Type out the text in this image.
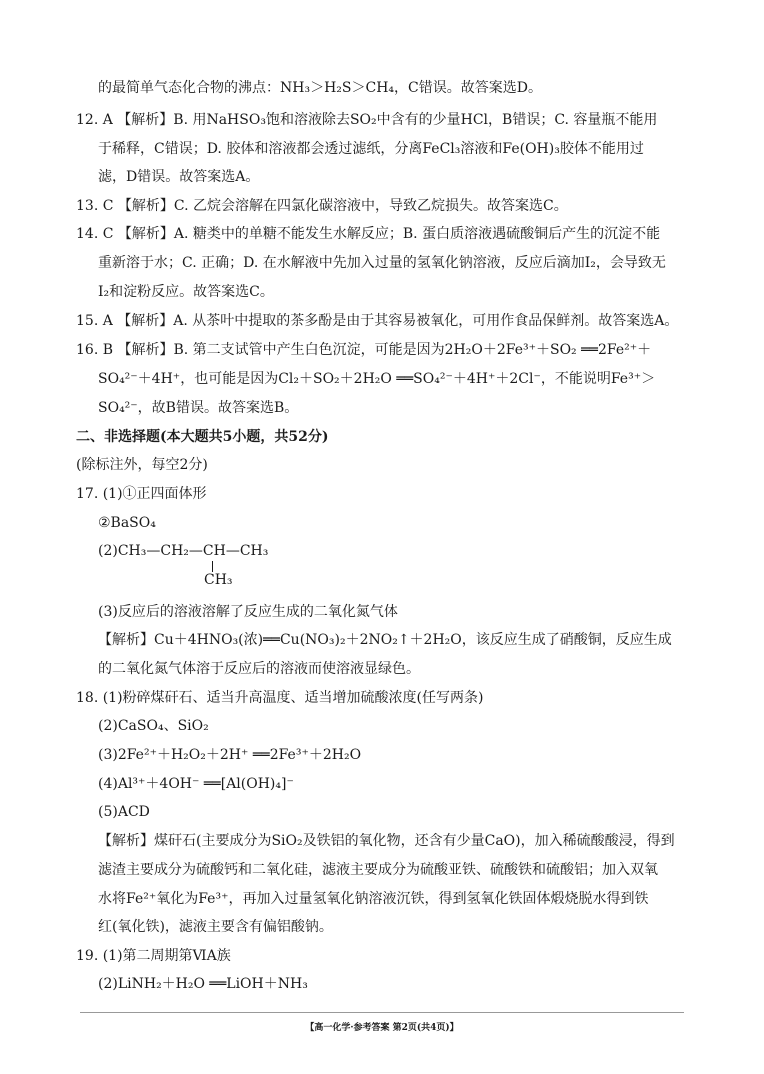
的最简单气态化合物的沸点：NH₃＞H₂S＞CH₄，C错误。故答案选D。
12. A 【解析】B. 用NaHSO₃饱和溶液除去SO₂中含有的少量HCl，B错误；C. 容量瓶不能用
于稀释，C错误；D. 胶体和溶液都会透过滤纸，分离FeCl₃溶液和Fe(OH)₃胶体不能用过
滤，D错误。故答案选A。
13. C 【解析】C. 乙烷会溶解在四氯化碳溶液中，导致乙烷损失。故答案选C。
14. C 【解析】A. 糖类中的单糖不能发生水解反应；B. 蛋白质溶液遇硫酸铜后产生的沉淀不能
重新溶于水；C. 正确；D. 在水解液中先加入过量的氢氧化钠溶液，反应后滴加I₂，会导致无
I₂和淀粉反应。故答案选C。
15. A 【解析】A. 从茶叶中提取的茶多酚是由于其容易被氧化，可用作食品保鲜剂。故答案选A。
16. B 【解析】B. 第二支试管中产生白色沉淀，可能是因为2H₂O＋2Fe³⁺＋SO₂ ══2Fe²⁺＋
SO₄²⁻＋4H⁺，也可能是因为Cl₂＋SO₂＋2H₂O ══SO₄²⁻＋4H⁺＋2Cl⁻，不能说明Fe³⁺＞
SO₄²⁻，故B错误。故答案选B。
二、非选择题(本大题共5小题，共52分)
(除标注外，每空2分)
17. (1)①正四面体形
②BaSO₄
(2)CH₃—CH₂—CH—CH₃
CH₃
(3)反应后的溶液溶解了反应生成的二氧化氮气体
【解析】Cu＋4HNO₃(浓)══Cu(NO₃)₂＋2NO₂↑＋2H₂O，该反应生成了硝酸铜，反应生成
的二氧化氮气体溶于反应后的溶液而使溶液显绿色。
18. (1)粉碎煤矸石、适当升高温度、适当增加硫酸浓度(任写两条)
(2)CaSO₄、SiO₂
(3)2Fe²⁺＋H₂O₂＋2H⁺ ══2Fe³⁺＋2H₂O
(4)Al³⁺＋4OH⁻ ══[Al(OH)₄]⁻
(5)ACD
【解析】煤矸石(主要成分为SiO₂及铁铝的氧化物，还含有少量CaO)，加入稀硫酸酸浸，得到
滤渣主要成分为硫酸钙和二氧化硅，滤液主要成分为硫酸亚铁、硫酸铁和硫酸铝；加入双氧
水将Fe²⁺氧化为Fe³⁺，再加入过量氢氧化钠溶液沉铁，得到氢氧化铁固体煅烧脱水得到铁
红(氧化铁)，滤液主要含有偏铝酸钠。
19. (1)第二周期第ⅥA族
(2)LiNH₂＋H₂O ══LiOH＋NH₃
【高一化学·参考答案 第2页(共4页)】
